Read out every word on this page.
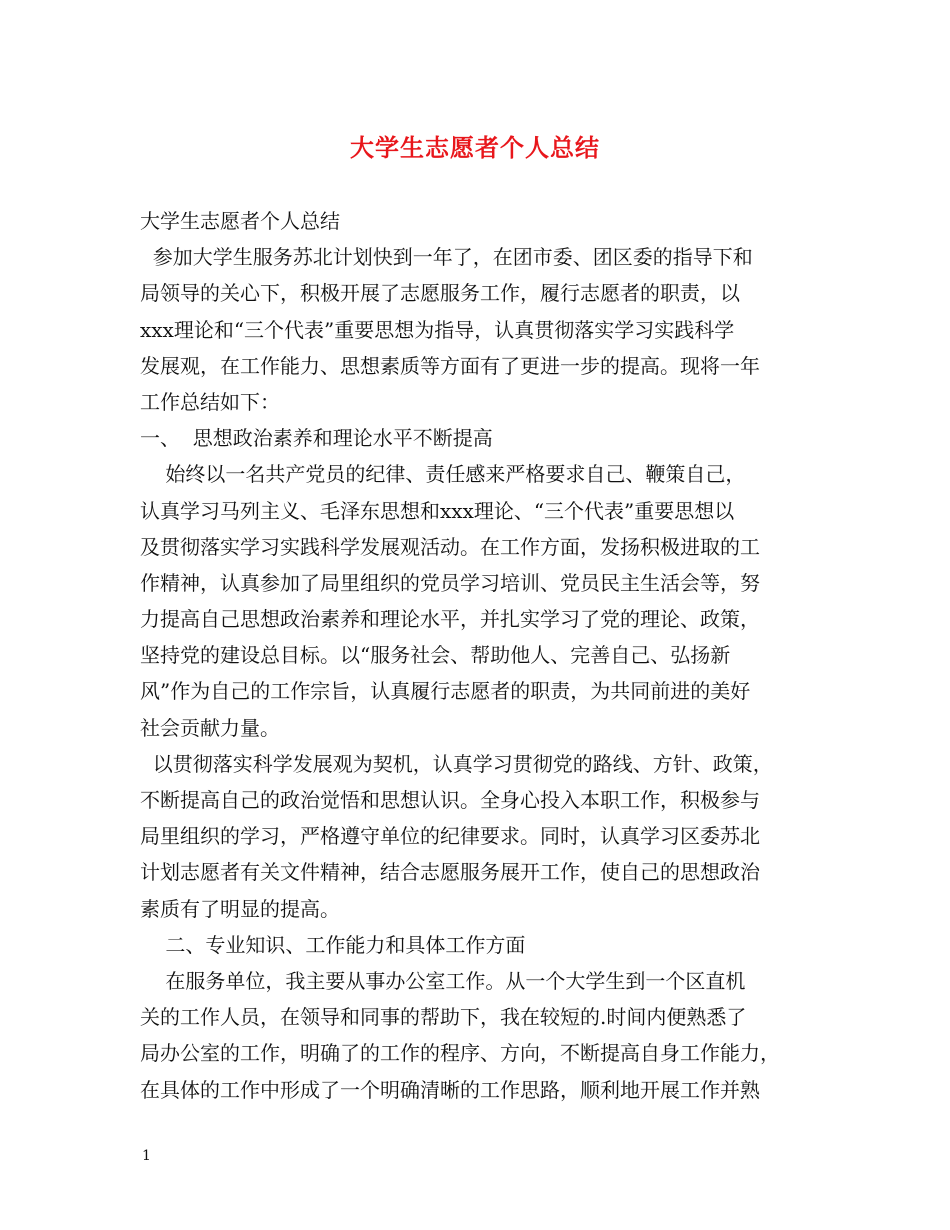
大学生志愿者个人总结
大学生志愿者个人总结
参加大学生服务苏北计划快到一年了，在团市委、团区委的指导下和
局领导的关心下，积极开展了志愿服务工作，履行志愿者的职责，以
xxx理论和“三个代表”重要思想为指导，认真贯彻落实学习实践科学
发展观，在工作能力、思想素质等方面有了更进一步的提高。现将一年
工作总结如下：
一、  思想政治素养和理论水平不断提高
始终以一名共产党员的纪律、责任感来严格要求自己、鞭策自己，
认真学习马列主义、毛泽东思想和xxx理论、“三个代表”重要思想以
及贯彻落实学习实践科学发展观活动。在工作方面，发扬积极进取的工
作精神，认真参加了局里组织的党员学习培训、党员民主生活会等，努
力提高自己思想政治素养和理论水平，并扎实学习了党的理论、政策，
坚持党的建设总目标。以“服务社会、帮助他人、完善自己、弘扬新
风”作为自己的工作宗旨，认真履行志愿者的职责，为共同前进的美好
社会贡献力量。
以贯彻落实科学发展观为契机，认真学习贯彻党的路线、方针、政策，
不断提高自己的政治觉悟和思想认识。全身心投入本职工作，积极参与
局里组织的学习，严格遵守单位的纪律要求。同时，认真学习区委苏北
计划志愿者有关文件精神，结合志愿服务展开工作，使自己的思想政治
素质有了明显的提高。
二、专业知识、工作能力和具体工作方面
在服务单位，我主要从事办公室工作。从一个大学生到一个区直机
关的工作人员，在领导和同事的帮助下，我在较短的.时间内便熟悉了
局办公室的工作，明确了的工作的程序、方向，不断提高自身工作能力，
在具体的工作中形成了一个明确清晰的工作思路，顺利地开展工作并熟
1
